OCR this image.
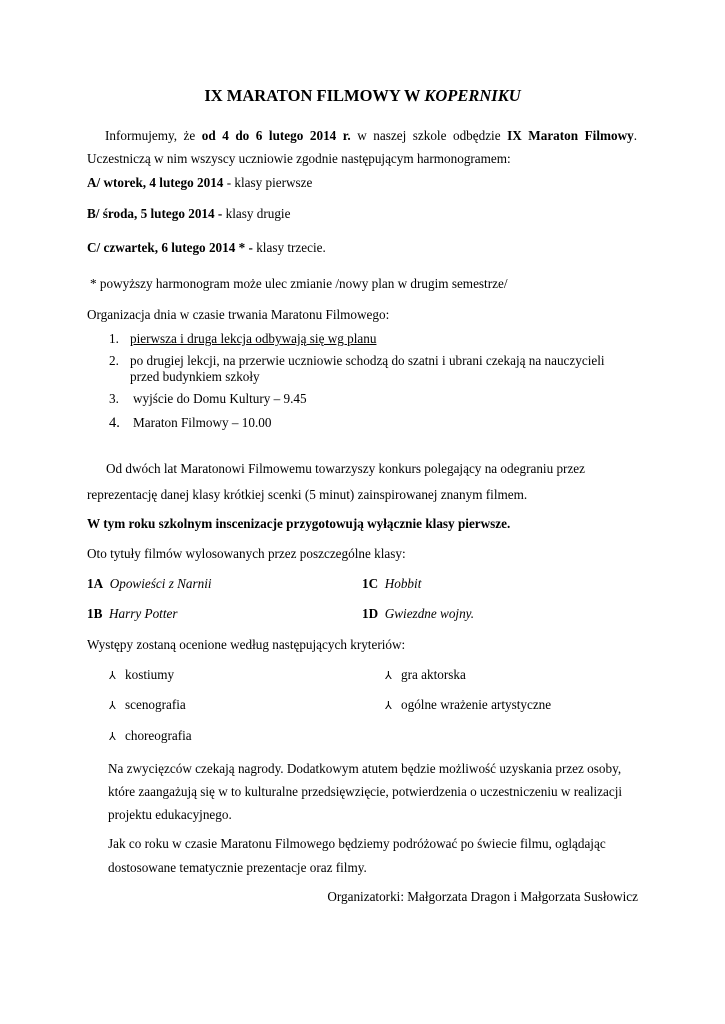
IX MARATON FILMOWY W KOPERNIKU
Informujemy, że od 4 do 6 lutego 2014 r. w naszej szkole odbędzie IX Maraton Filmowy.
Uczestniczą w nim wszyscy uczniowie zgodnie następującym harmonogramem:
A/ wtorek, 4 lutego 2014 - klasy pierwsze
B/ środa, 5 lutego 2014 - klasy drugie
C/ czwartek, 6 lutego 2014 * - klasy trzecie.
* powyższy harmonogram może ulec zmianie /nowy plan w drugim semestrze/
Organizacja dnia w czasie trwania Maratonu Filmowego:
1. pierwsza i druga lekcja odbywają się wg planu
2. po drugiej lekcji, na przerwie uczniowie schodzą do szatni i ubrani czekają na nauczycieli
przed budynkiem szkoły
3. wyjście do Domu Kultury – 9.45
4. Maraton Filmowy – 10.00
Od dwóch lat Maratonowi Filmowemu towarzyszy konkurs polegający na odegraniu przez
reprezentację danej klasy krótkiej scenki (5 minut) zainspirowanej znanym filmem.
W tym roku szkolnym inscenizacje przygotowują wyłącznie klasy pierwsze.
Oto tytuły filmów wylosowanych przez poszczególne klasy:
1A Opowieści z Narnii	1C Hobbit
1B Harry Potter	1D Gwiezdne wojny.
Występy zostaną ocenione według następujących kryteriów:
⅄ kostiumy	⅄ gra aktorska
⅄ scenografia	⅄ ogólne wrażenie artystyczne
⅄ choreografia
Na zwycięzców czekają nagrody. Dodatkowym atutem będzie możliwość uzyskania przez osoby,
które zaangażują się w to kulturalne przedsięwzięcie, potwierdzenia o uczestniczeniu w realizacji
projektu edukacyjnego.
Jak co roku w czasie Maratonu Filmowego będziemy podróżować po świecie filmu, oglądając
dostosowane tematycznie prezentacje oraz filmy.
Organizatorki: Małgorzata Dragon i Małgorzata Susłowicz
